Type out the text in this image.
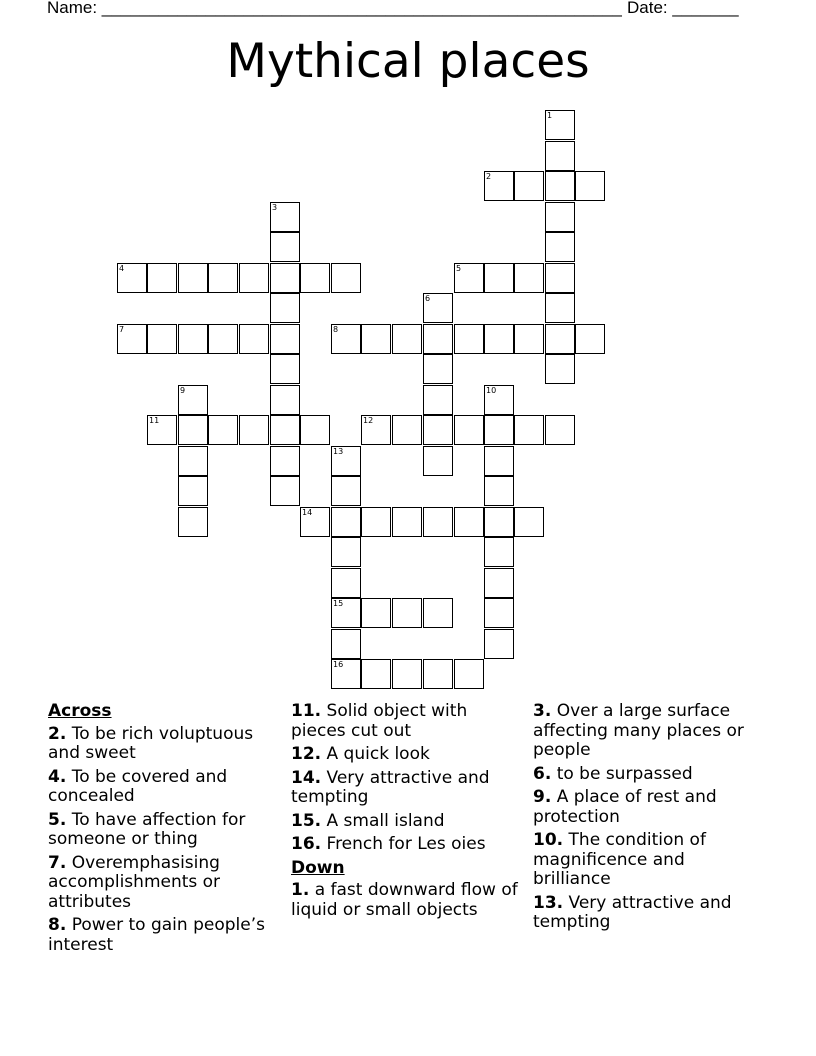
Name: _______________________________________________________ Date: _______
Mythical places
1
2
3
4	5
6
7	8
9	10
11	12
13
14
15
16
Across
2. To be rich voluptuous and sweet
4. To be covered and concealed
5. To have affection for someone or thing
7. Overemphasising accomplishments or attributes
8. Power to gain people’s interest
11. Solid object with pieces cut out
12. A quick look
14. Very attractive and tempting
15. A small island
16. French for Les oies
Down
1. a fast downward flow of liquid or small objects
3. Over a large surface affecting many places or people
6. to be surpassed
9. A place of rest and protection
10. The condition of magnificence and brilliance
13. Very attractive and tempting
